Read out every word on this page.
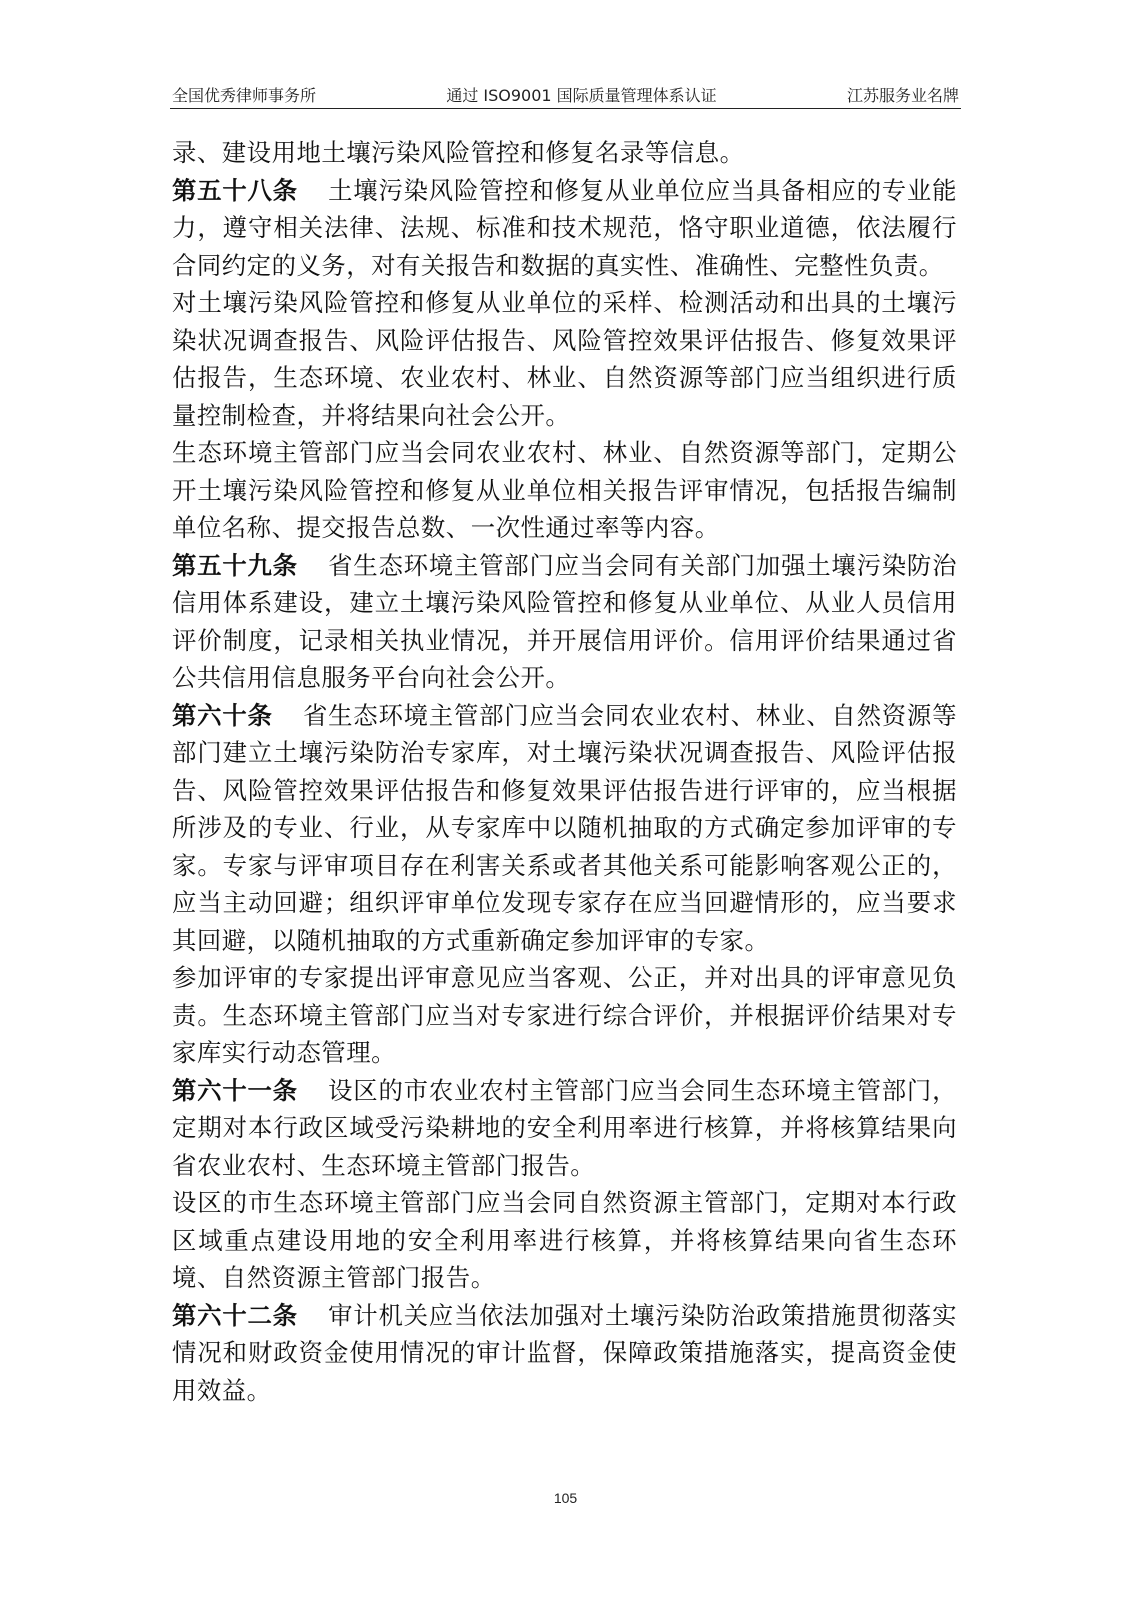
全国优秀律师事务所	通过 ISO9001 国际质量管理体系认证	江苏服务业名牌

录、建设用地土壤污染风险管控和修复名录等信息。

第五十八条 土壤污染风险管控和修复从业单位应当具备相应的专业能力，遵守相关法律、法规、标准和技术规范，恪守职业道德，依法履行合同约定的义务，对有关报告和数据的真实性、准确性、完整性负责。

对土壤污染风险管控和修复从业单位的采样、检测活动和出具的土壤污染状况调查报告、风险评估报告、风险管控效果评估报告、修复效果评估报告，生态环境、农业农村、林业、自然资源等部门应当组织进行质量控制检查，并将结果向社会公开。

生态环境主管部门应当会同农业农村、林业、自然资源等部门，定期公开土壤污染风险管控和修复从业单位相关报告评审情况，包括报告编制单位名称、提交报告总数、一次性通过率等内容。

第五十九条 省生态环境主管部门应当会同有关部门加强土壤污染防治信用体系建设，建立土壤污染风险管控和修复从业单位、从业人员信用评价制度，记录相关执业情况，并开展信用评价。信用评价结果通过省公共信用信息服务平台向社会公开。

第六十条 省生态环境主管部门应当会同农业农村、林业、自然资源等部门建立土壤污染防治专家库，对土壤污染状况调查报告、风险评估报告、风险管控效果评估报告和修复效果评估报告进行评审的，应当根据所涉及的专业、行业，从专家库中以随机抽取的方式确定参加评审的专家。专家与评审项目存在利害关系或者其他关系可能影响客观公正的，应当主动回避；组织评审单位发现专家存在应当回避情形的，应当要求其回避，以随机抽取的方式重新确定参加评审的专家。

参加评审的专家提出评审意见应当客观、公正，并对出具的评审意见负责。生态环境主管部门应当对专家进行综合评价，并根据评价结果对专家库实行动态管理。

第六十一条 设区的市农业农村主管部门应当会同生态环境主管部门，定期对本行政区域受污染耕地的安全利用率进行核算，并将核算结果向省农业农村、生态环境主管部门报告。

设区的市生态环境主管部门应当会同自然资源主管部门，定期对本行政区域重点建设用地的安全利用率进行核算，并将核算结果向省生态环境、自然资源主管部门报告。

第六十二条 审计机关应当依法加强对土壤污染防治政策措施贯彻落实情况和财政资金使用情况的审计监督，保障政策措施落实，提高资金使用效益。

105
